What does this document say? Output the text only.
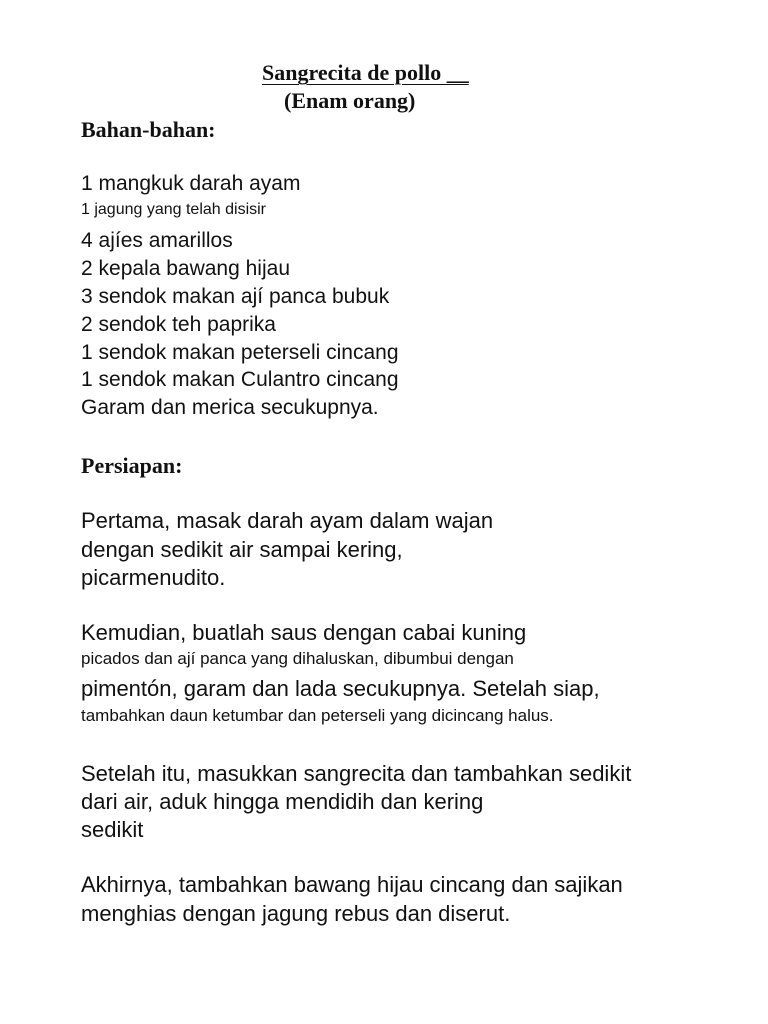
Sangrecita de pollo __
(Enam orang)
Bahan-bahan:
1 mangkuk darah ayam
1 jagung yang telah disisir
4 ajíes amarillos
2 kepala bawang hijau
3 sendok makan ají panca bubuk
2 sendok teh paprika
1 sendok makan peterseli cincang
1 sendok makan Culantro cincang
Garam dan merica secukupnya.
Persiapan:
Pertama, masak darah ayam dalam wajan
dengan sedikit air sampai kering,
picarmenudito.
Kemudian, buatlah saus dengan cabai kuning
picados dan ají panca yang dihaluskan, dibumbui dengan
pimentón, garam dan lada secukupnya. Setelah siap,
tambahkan daun ketumbar dan peterseli yang dicincang halus.
Setelah itu, masukkan sangrecita dan tambahkan sedikit
dari air, aduk hingga mendidih dan kering
sedikit
Akhirnya, tambahkan bawang hijau cincang dan sajikan
menghias dengan jagung rebus dan diserut.
